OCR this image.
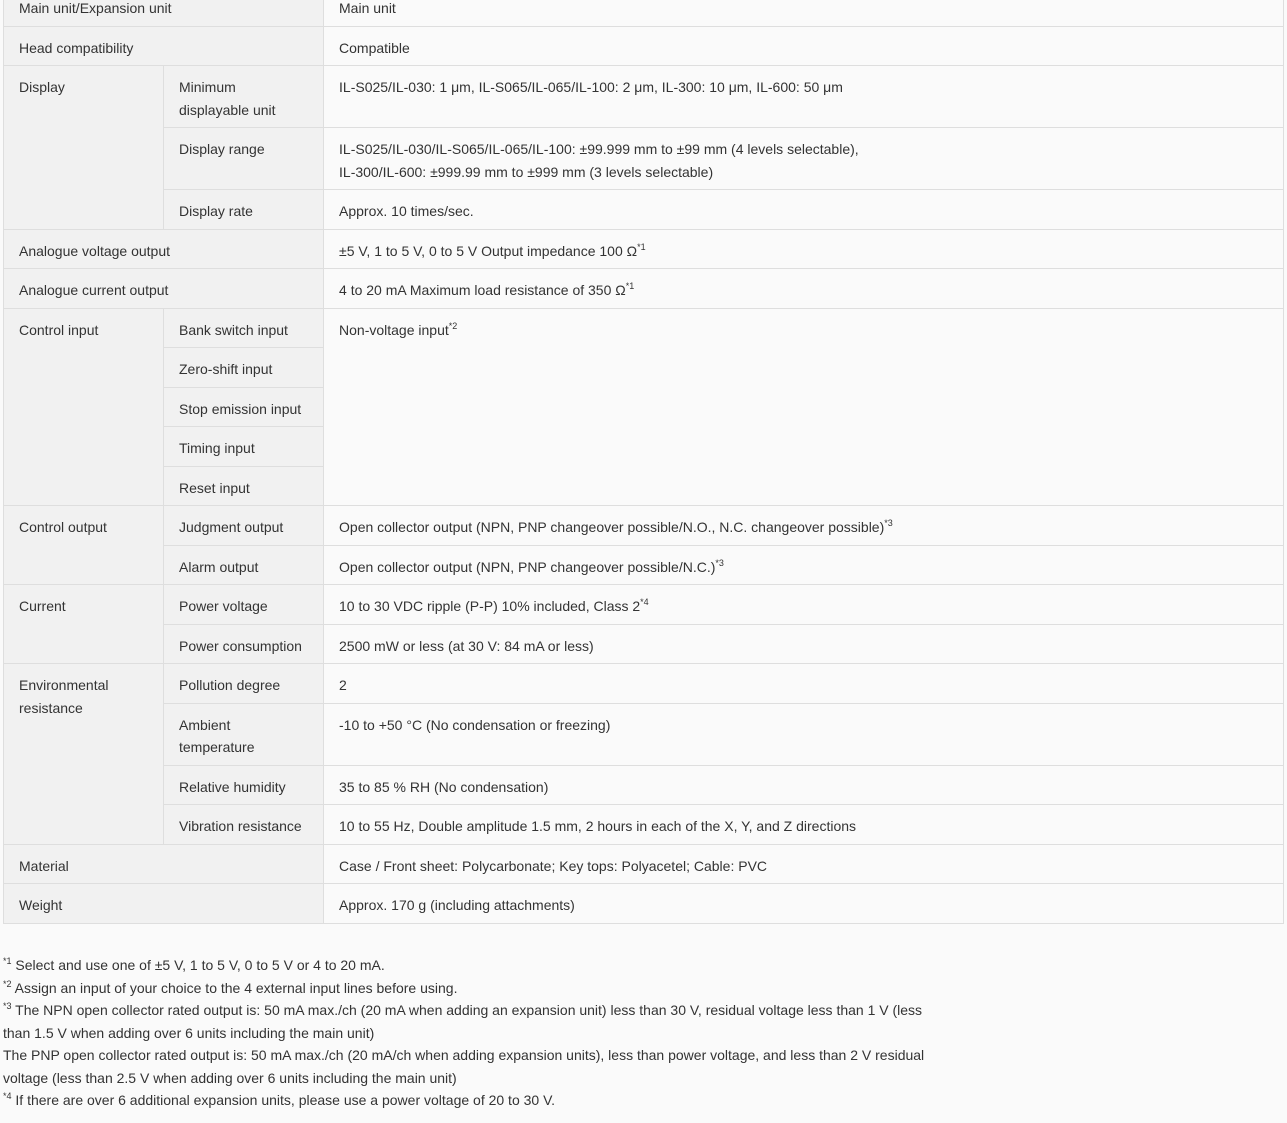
Main unit/Expansion unit		Main unit
Head compatibility		Compatible
Display	Minimum displayable unit	IL-S025/IL-030: 1 μm, IL-S065/IL-065/IL-100: 2 μm, IL-300: 10 μm, IL-600: 50 μm
	Display range	IL-S025/IL-030/IL-S065/IL-065/IL-100: ±99.999 mm to ±99 mm (4 levels selectable),
IL-300/IL-600: ±999.99 mm to ±999 mm (3 levels selectable)

	Display rate	Approx. 10 times/sec.
Analogue voltage output		±5 V, 1 to 5 V, 0 to 5 V Output impedance 100 $\Omega^{*1}$
Analogue current output		4 to 20 mA Maximum load resistance of 350 $\Omega^{*1}$
Control input	Bank switch input	Non-voltage input$^{*2}$
	Zero-shift input	
	Stop emission input	
	Timing input	
	Reset input	
Control output	Judgment output	Open collector output (NPN, PNP changeover possible/N.O., N.C. changeover possible)$^{*3}$
	Alarm output	Open collector output (NPN, PNP changeover possible/N.C.)$^{*3}$
Current	Power voltage	10 to 30 VDC ripple (P-P) 10% included, Class 2$^{*4}$
	Power consumption	2500 mW or less (at 30 V: 84 mA or less)
Environmental resistance	Pollution degree	2
	Ambient temperature	-10 to +50 °C (No condensation or freezing)
	Relative humidity	35 to 85 % RH (No condensation)
	Vibration resistance	10 to 55 Hz, Double amplitude 1.5 mm, 2 hours in each of the X, Y, and Z directions
Material		Case / Front sheet: Polycarbonate; Key tops: Polyacetel; Cable: PVC
Weight		Approx. 170 g (including attachments)
$^{*1}$ Select and use one of ±5 V, 1 to 5 V, 0 to 5 V or 4 to 20 mA.
$^{*2}$ Assign an input of your choice to the 4 external input lines before using.
$^{*3}$ The NPN open collector rated output is: 50 mA max./ch (20 mA when adding an expansion unit) less than 30 V, residual voltage less than 1 V (less than 1.5 V when adding over 6 units including the main unit)
The PNP open collector rated output is: 50 mA max./ch (20 mA/ch when adding expansion units), less than power voltage, and less than 2 V residual voltage (less than 2.5 V when adding over 6 units including the main unit)
$^{*4}$ If there are over 6 additional expansion units, please use a power voltage of 20 to 30 V.
